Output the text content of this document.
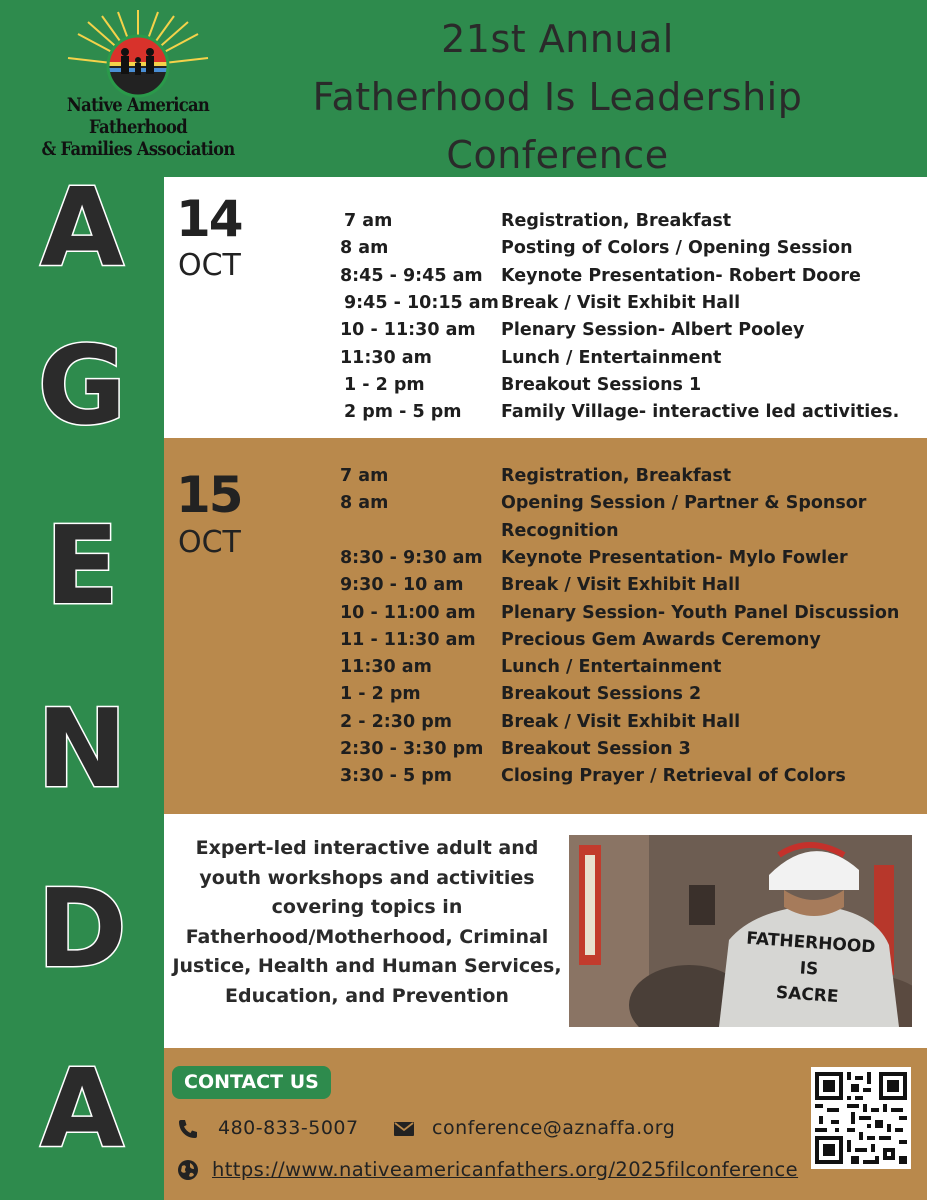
Native American Fatherhood
& Families Association
21st Annual
Fatherhood Is Leadership
Conference
A
G
E
N
D
A
14
OCT
7 am	Registration, Breakfast
8 am	Posting of Colors / Opening Session
8:45 - 9:45 am Keynote Presentation- Robert Doore
9:45 - 10:15 am Break / Visit Exhibit Hall
10 - 11:30 am Plenary Session- Albert Pooley
11:30 am	Lunch / Entertainment
1 - 2 pm	Breakout Sessions 1
2 pm - 5 pm Family Village- interactive led activities.
15
OCT
7 am	Registration, Breakfast
8 am	Opening Session / Partner & Sponsor
Recognition
8:30 - 9:30 am Keynote Presentation- Mylo Fowler
9:30 - 10 am Break / Visit Exhibit Hall
10 - 11:00 am Plenary Session- Youth Panel Discussion
11 - 11:30 am Precious Gem Awards Ceremony
11:30 am	Lunch / Entertainment
1 - 2 pm	Breakout Sessions 2
2 - 2:30 pm	Break / Visit Exhibit Hall
2:30 - 3:30 pm Breakout Session 3
3:30 - 5 pm	Closing Prayer / Retrieval of Colors
Expert-led interactive adult and youth workshops and activities covering topics in Fatherhood/Motherhood, Criminal Justice, Health and Human Services, Education, and Prevention
FATHERHOOD
IS
SACRE
CONTACT US
480-833-5007	conference@aznaffa.org
https://www.nativeamericanfathers.org/2025filconference
